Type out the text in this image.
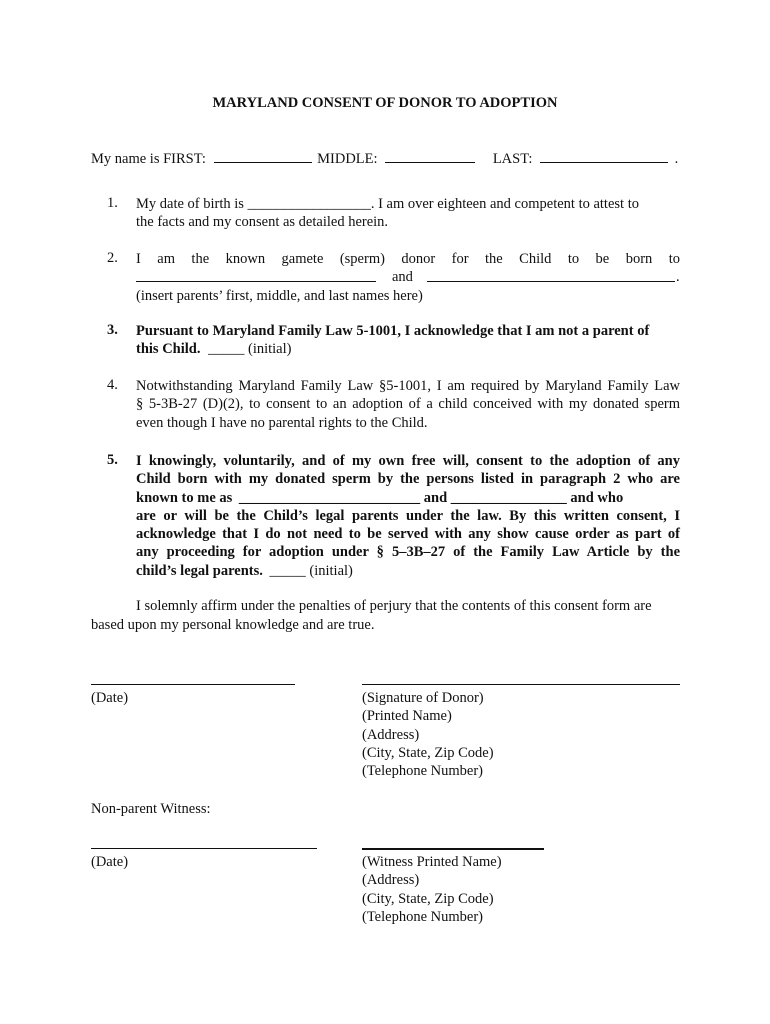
MARYLAND CONSENT OF DONOR TO ADOPTION
My name is FIRST:	MIDDLE:	LAST:	.
1. My date of birth is _________________. I am over eighteen and competent to attest to
the facts and my consent as detailed herein.
2. I am the known gamete (sperm) donor for the Child to be born to
and	.
(insert parents’ first, middle, and last names here)
3. Pursuant to Maryland Family Law 5-1001, I acknowledge that I am not a parent of
this Child. _____ (initial)
4. Notwithstanding Maryland Family Law §5-1001, I am required by Maryland Family Law
§ 5-3B-27 (D)(2), to consent to an adoption of a child conceived with my donated sperm
even though I have no parental rights to the Child.
5. I knowingly, voluntarily, and of my own free will, consent to the adoption of any
Child born with my donated sperm by the persons listed in paragraph 2 who are
known to me as _________________________ and ________________ and who
are or will be the Child’s legal parents under the law. By this written consent, I
acknowledge that I do not need to be served with any show cause order as part of
any proceeding for adoption under § 5–3B–27 of the Family Law Article by the
child’s legal parents. _____ (initial)
I solemnly affirm under the penalties of perjury that the contents of this consent form are
based upon my personal knowledge and are true.
(Date)	(Signature of Donor)
(Printed Name)
(Address)
(City, State, Zip Code)
(Telephone Number)
Non-parent Witness:
(Date)	(Witness Printed Name)
(Address)
(City, State, Zip Code)
(Telephone Number)
